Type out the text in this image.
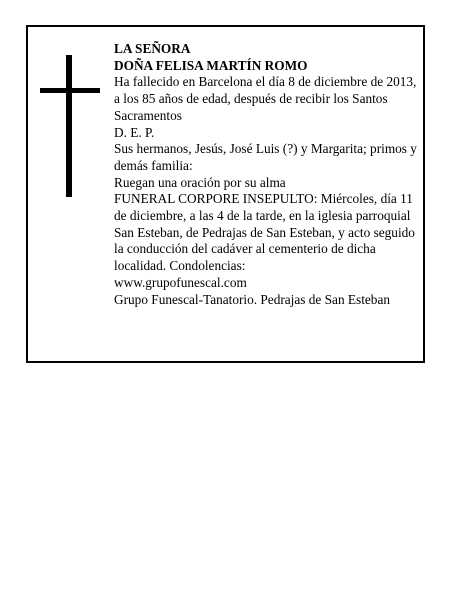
LA SEÑORA

DOÑA FELISA MARTÍN ROMO

Ha fallecido en Barcelona el día 8 de diciembre de 2013, a los 85 años de edad, después de recibir los Santos Sacramentos

D. E. P.

Sus hermanos, Jesús, José Luis (?) y Margarita; primos y demás familia:

Ruegan una oración por su alma

FUNERAL CORPORE INSEPULTO: Miércoles, día 11 de diciembre, a las 4 de la tarde, en la iglesia parroquial San Esteban, de Pedrajas de San Esteban, y acto seguido la conducción del cadáver al cementerio de dicha localidad. Condolencias:

www.grupofunescal.com

Grupo Funescal-Tanatorio. Pedrajas de San Esteban
